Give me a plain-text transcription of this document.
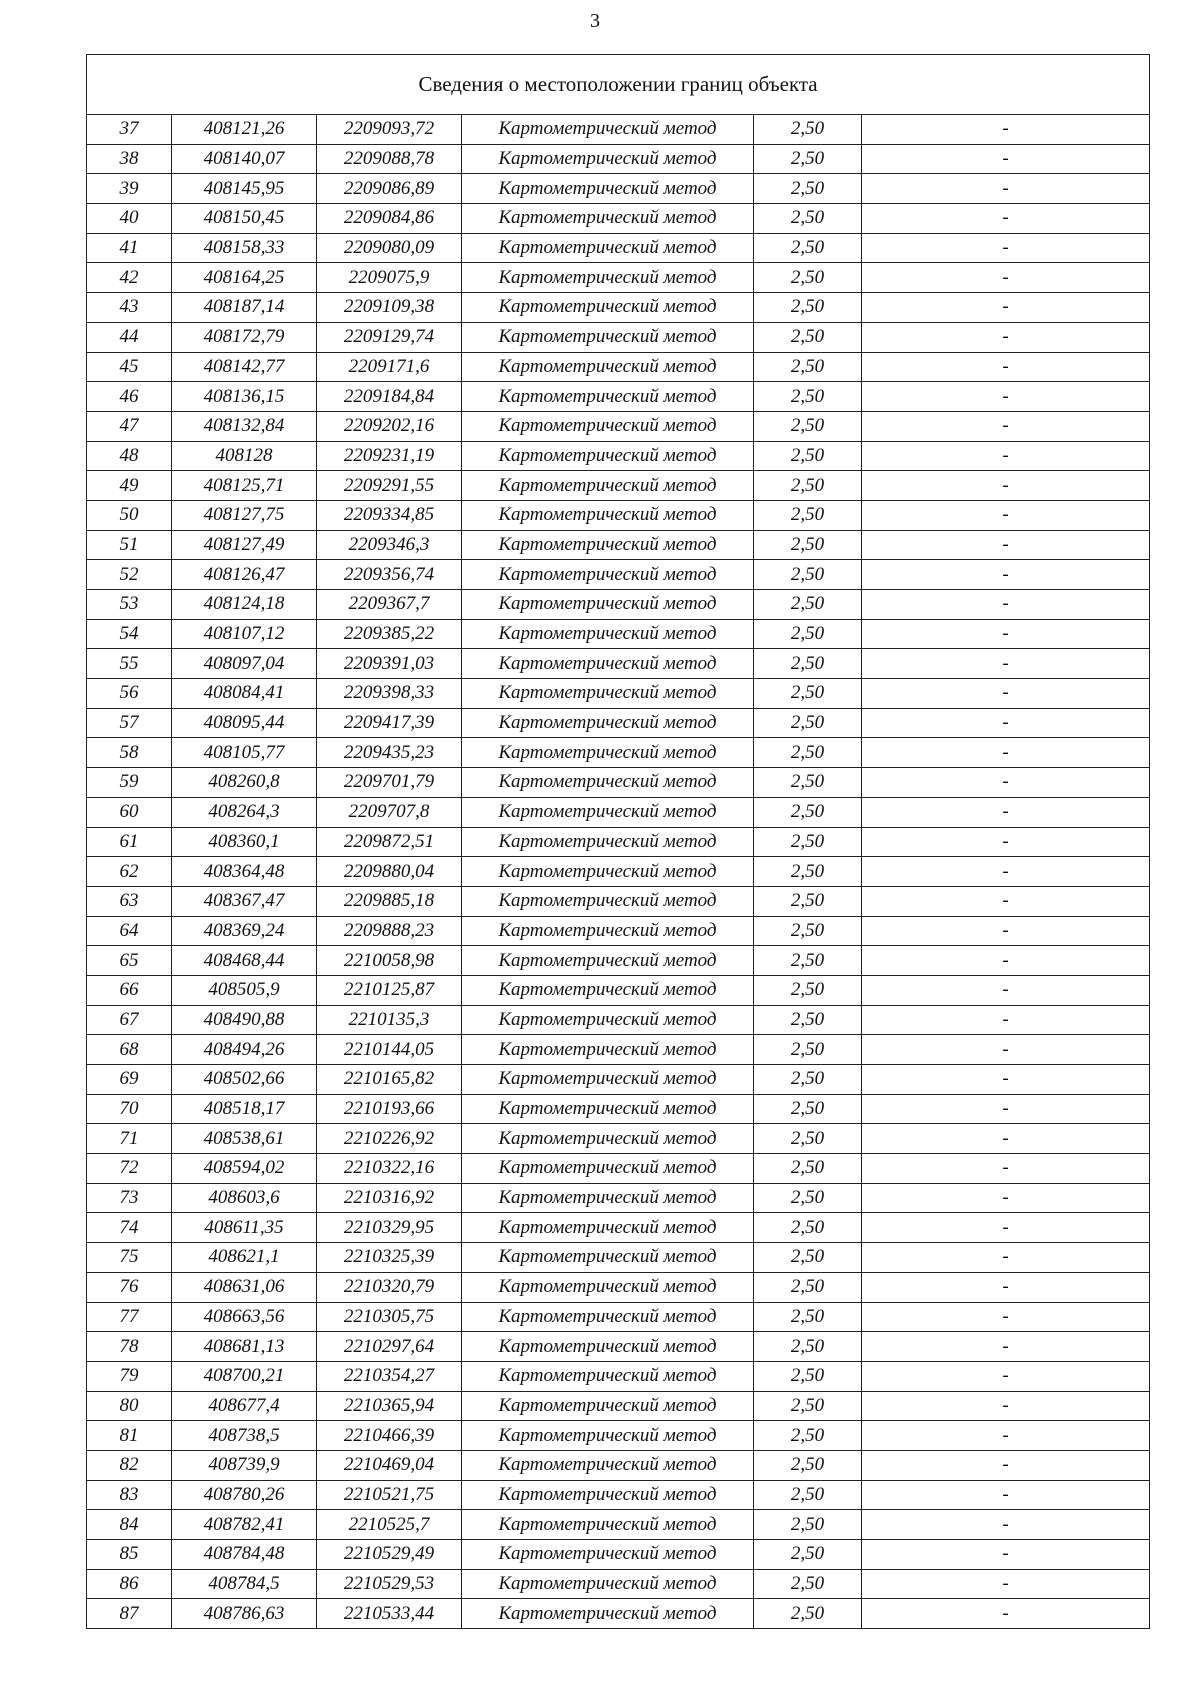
3
Сведения о местоположении границ объекта					
37	408121,26	2209093,72	Картометрический метод	2,50	-
38	408140,07	2209088,78	Картометрический метод	2,50	-
39	408145,95	2209086,89	Картометрический метод	2,50	-
40	408150,45	2209084,86	Картометрический метод	2,50	-
41	408158,33	2209080,09	Картометрический метод	2,50	-
42	408164,25	2209075,9	Картометрический метод	2,50	-
43	408187,14	2209109,38	Картометрический метод	2,50	-
44	408172,79	2209129,74	Картометрический метод	2,50	-
45	408142,77	2209171,6	Картометрический метод	2,50	-
46	408136,15	2209184,84	Картометрический метод	2,50	-
47	408132,84	2209202,16	Картометрический метод	2,50	-
48	408128	2209231,19	Картометрический метод	2,50	-
49	408125,71	2209291,55	Картометрический метод	2,50	-
50	408127,75	2209334,85	Картометрический метод	2,50	-
51	408127,49	2209346,3	Картометрический метод	2,50	-
52	408126,47	2209356,74	Картометрический метод	2,50	-
53	408124,18	2209367,7	Картометрический метод	2,50	-
54	408107,12	2209385,22	Картометрический метод	2,50	-
55	408097,04	2209391,03	Картометрический метод	2,50	-
56	408084,41	2209398,33	Картометрический метод	2,50	-
57	408095,44	2209417,39	Картометрический метод	2,50	-
58	408105,77	2209435,23	Картометрический метод	2,50	-
59	408260,8	2209701,79	Картометрический метод	2,50	-
60	408264,3	2209707,8	Картометрический метод	2,50	-
61	408360,1	2209872,51	Картометрический метод	2,50	-
62	408364,48	2209880,04	Картометрический метод	2,50	-
63	408367,47	2209885,18	Картометрический метод	2,50	-
64	408369,24	2209888,23	Картометрический метод	2,50	-
65	408468,44	2210058,98	Картометрический метод	2,50	-
66	408505,9	2210125,87	Картометрический метод	2,50	-
67	408490,88	2210135,3	Картометрический метод	2,50	-
68	408494,26	2210144,05	Картометрический метод	2,50	-
69	408502,66	2210165,82	Картометрический метод	2,50	-
70	408518,17	2210193,66	Картометрический метод	2,50	-
71	408538,61	2210226,92	Картометрический метод	2,50	-
72	408594,02	2210322,16	Картометрический метод	2,50	-
73	408603,6	2210316,92	Картометрический метод	2,50	-
74	408611,35	2210329,95	Картометрический метод	2,50	-
75	408621,1	2210325,39	Картометрический метод	2,50	-
76	408631,06	2210320,79	Картометрический метод	2,50	-
77	408663,56	2210305,75	Картометрический метод	2,50	-
78	408681,13	2210297,64	Картометрический метод	2,50	-
79	408700,21	2210354,27	Картометрический метод	2,50	-
80	408677,4	2210365,94	Картометрический метод	2,50	-
81	408738,5	2210466,39	Картометрический метод	2,50	-
82	408739,9	2210469,04	Картометрический метод	2,50	-
83	408780,26	2210521,75	Картометрический метод	2,50	-
84	408782,41	2210525,7	Картометрический метод	2,50	-
85	408784,48	2210529,49	Картометрический метод	2,50	-
86	408784,5	2210529,53	Картометрический метод	2,50	-
87	408786,63	2210533,44	Картометрический метод	2,50	-
